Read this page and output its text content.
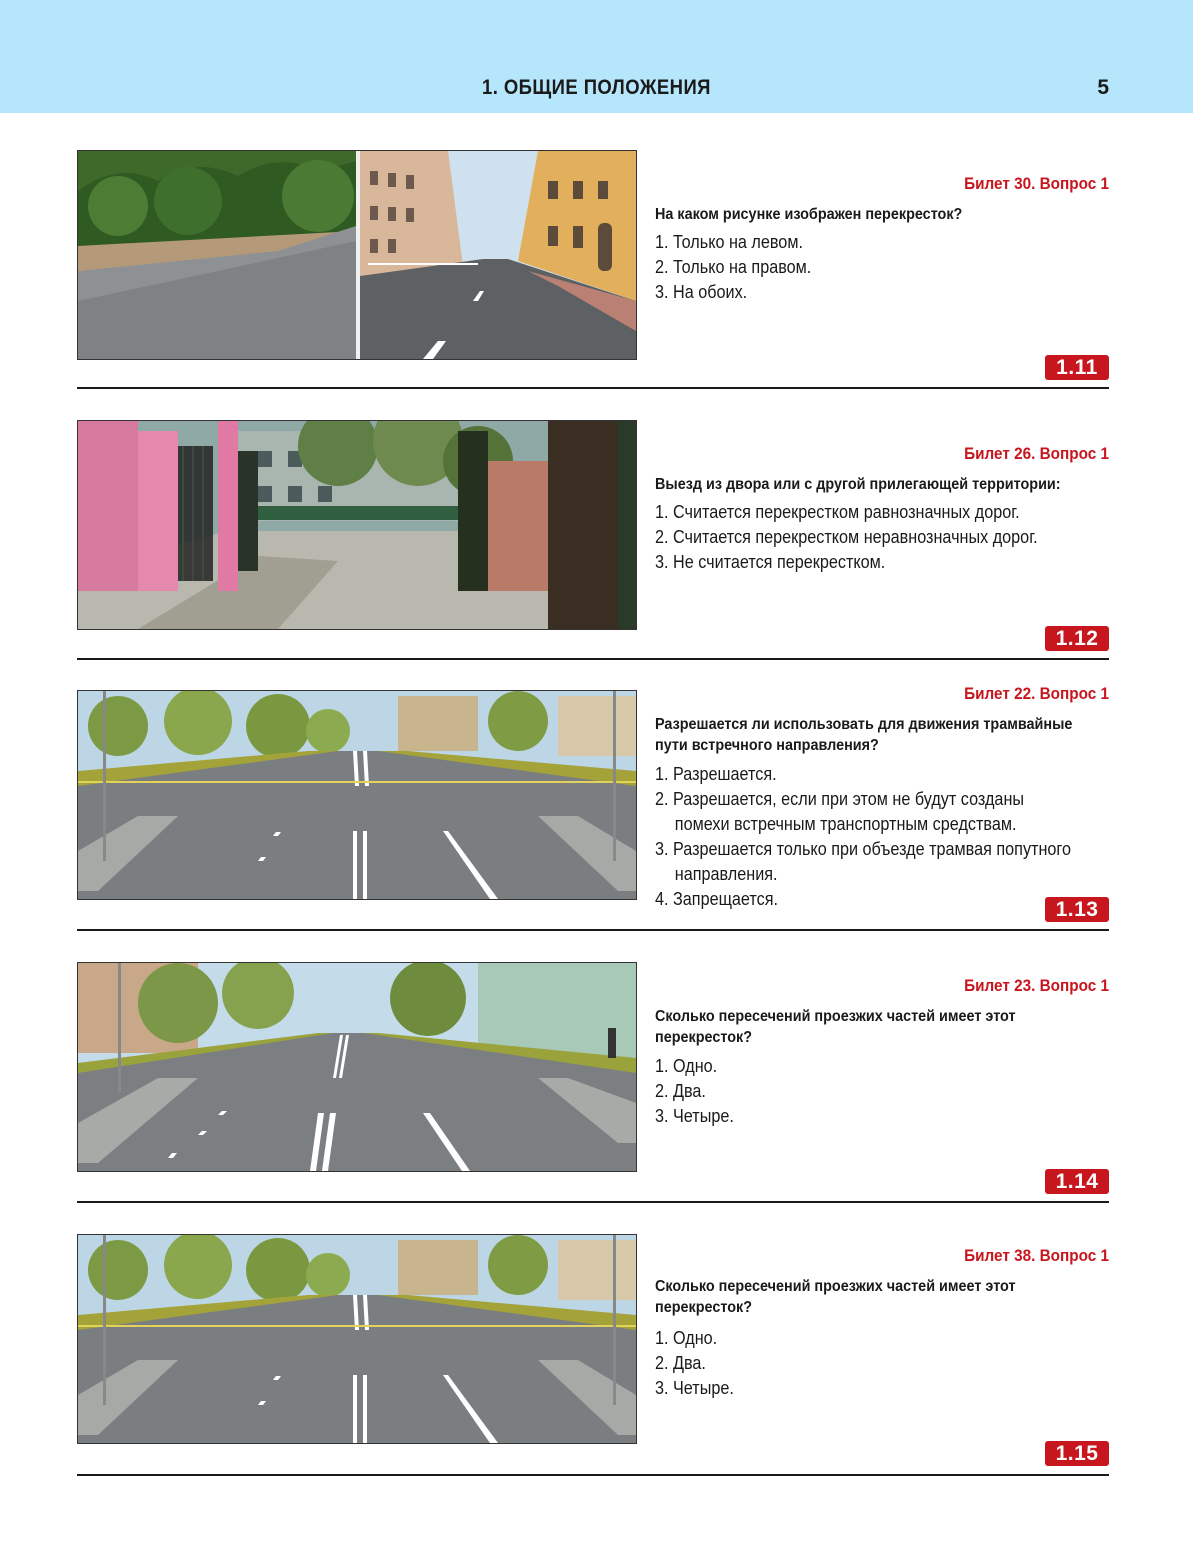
1. ОБЩИЕ ПОЛОЖЕНИЯ	5
Билет 30. Вопрос 1
На каком рисунке изображен перекресток?
1. Только на левом.
2. Только на правом.
3. На обоих.
1.11
Билет 26. Вопрос 1
Выезд из двора или с другой прилегающей территории:
1. Считается перекрестком равнозначных дорог.
2. Считается перекрестком неравнозначных дорог.
3. Не считается перекрестком.
1.12
Билет 22. Вопрос 1
Разрешается ли использовать для движения трамвайные пути встречного направления?
1. Разрешается.
2. Разрешается, если при этом не будут созданы помехи встречным транспортным средствам.
3. Разрешается только при объезде трамвая попутного направления.
4. Запрещается.	1.13
Билет 23. Вопрос 1
Сколько пересечений проезжих частей имеет этот перекресток?
1. Одно.
2. Два.
3. Четыре.
1.14
Билет 38. Вопрос 1
Сколько пересечений проезжих частей имеет этот перекресток?
1. Одно.
2. Два.
3. Четыре.
1.15
